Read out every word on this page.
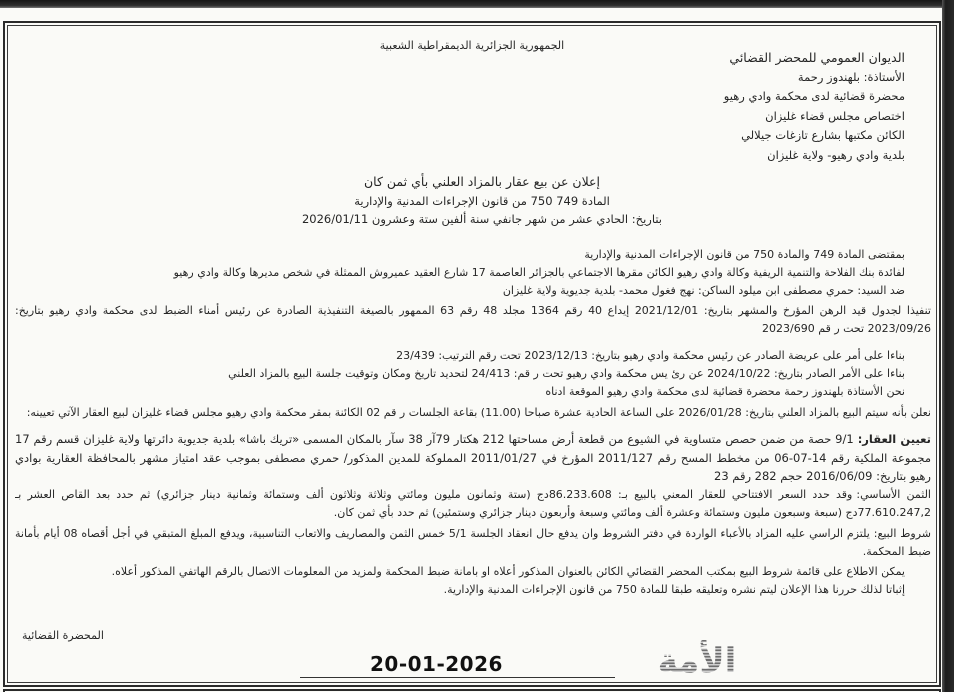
الجمهورية الجزائرية الديمقراطية الشعبية
الديوان العمومي للمحضر القضائي
الأستاذة: بلهندوز رحمة
محضرة قضائية لدى محكمة وادي رهيو
اختصاص مجلس قضاء غليزان
الكائن مكتبها بشارع تازغات جيلالي
بلدية وادي رهيو- ولاية غليزان
إعلان عن بيع عقار بالمزاد العلني بأي ثمن كان
المادة 749 750 من قانون الإجراءات المدنية والإدارية
بتاريخ: الحادي عشر من شهر جانفي سنة ألفين ستة وعشرون 2026/01/11

بمقتضى المادة 749 والمادة 750 من قانون الإجراءات المدنية والإدارية

لفائدة بنك الفلاحة والتنمية الريفية وكالة وادي رهيو الكائن مقرها الاجتماعي بالجزائر العاصمة 17 شارع العقيد عميروش الممثلة في شخص مديرها وكالة وادي رهيو

ضد السيد: حمري مصطفى ابن ميلود الساكن: نهج فغول محمد- بلدية جديوية ولاية غليزان

تنفيذا لجدول قيد الرهن المؤرخ والمشهر بتاريخ: 2021/12/01 إيداع 40 رقم 1364 مجلد 48 رقم 63 الممهور بالصيغة التنفيذية الصادرة عن رئيس أمناء الضبط لدى محكمة وادي رهيو بتاريخ: 2023/09/26 تحت ر قم 2023/690

بناءا على أمر على عريضة الصادر عن رئيس محكمة وادي رهيو بتاريخ: 2023/12/13 تحت رقم الترتيب: 23/439

بناءا على الأمر الصادر بتاريخ: 2024/10/22 عن رئ يس محكمة وادي رهيو تحت ر قم: 24/413 لتحديد تاريخ ومكان وتوقيت جلسة البيع بالمزاد العلني

نحن الأستاذة بلهندوز رحمة محضرة قضائية لدى محكمة وادي رهيو الموقعة ادناه

نعلن بأنه سيتم البيع بالمزاد العلني بتاريخ: 2026/01/28 على الساعة الحادية عشرة صباحا (11.00) بقاعة الجلسات ر قم 02 الكائنة بمقر محكمة وادي رهيو مجلس قضاء غليزان لبيع العقار الآتي تعيينه:

تعيين العقار:9/1 حصة من ضمن حصص متساوية في الشيوع من قطعة أرض مساحتها 212 هكتار 79آر 38 سآر بالمكان المسمى «تريك باشا» بلدية جديوية دائرتها ولاية غليزان قسم رقم 17 مجموعة الملكية رقم 14-07-06 من مخطط المسح رقم 2011/127 المؤرخ في 2011/01/27 المملوكة للمدين المذكور/ حمري مصطفى بموجب عقد امتياز مشهر بالمحافظة العقارية بوادي رهيو بتاريخ: 2016/06/09 حجم 282 رقم 23

الثمن الأساسي:وقد حدد السعر الافتتاحي للعقار المعني بالبيع بـ: 86.233.608دج (ستة وثمانون مليون ومائتي وثلاثة وثلاثون ألف وستمائة وثمانية دينار جزائري) ثم حدد بعد القاص العشر بـ 77.610.247,2دج (سبعة وسبعون مليون وستمائة وعشرة ألف ومائتي وسبعة وأربعون دينار جزائري وستمئين) ثم حدد بأي ثمن كان.

شروط البيع:يلتزم الراسي عليه المزاد بالأعباء الواردة في دفتر الشروط وان يدفع حال انعقاد الجلسة 5/1 خمس الثمن والمصاريف والاتعاب التناسبية، ويدفع المبلغ المتبقي في أجل أقصاه 08 أيام بأمانة ضبط المحكمة.

يمكن الاطلاع على قائمة شروط البيع بمكتب المحضر القضائي الكائن بالعنوان المذكور أعلاه او بامانة ضبط المحكمة ولمزيد من المعلومات الاتصال بالرقم الهاتفي المذكور أعلاه.

إثباتا لذلك حررنا هذا الإعلان ليتم نشره وتعليقه طبقا للمادة 750 من قانون الإجراءات المدنية والإدارية.

المحضرة القضائية
20-01-2026	الأمة
